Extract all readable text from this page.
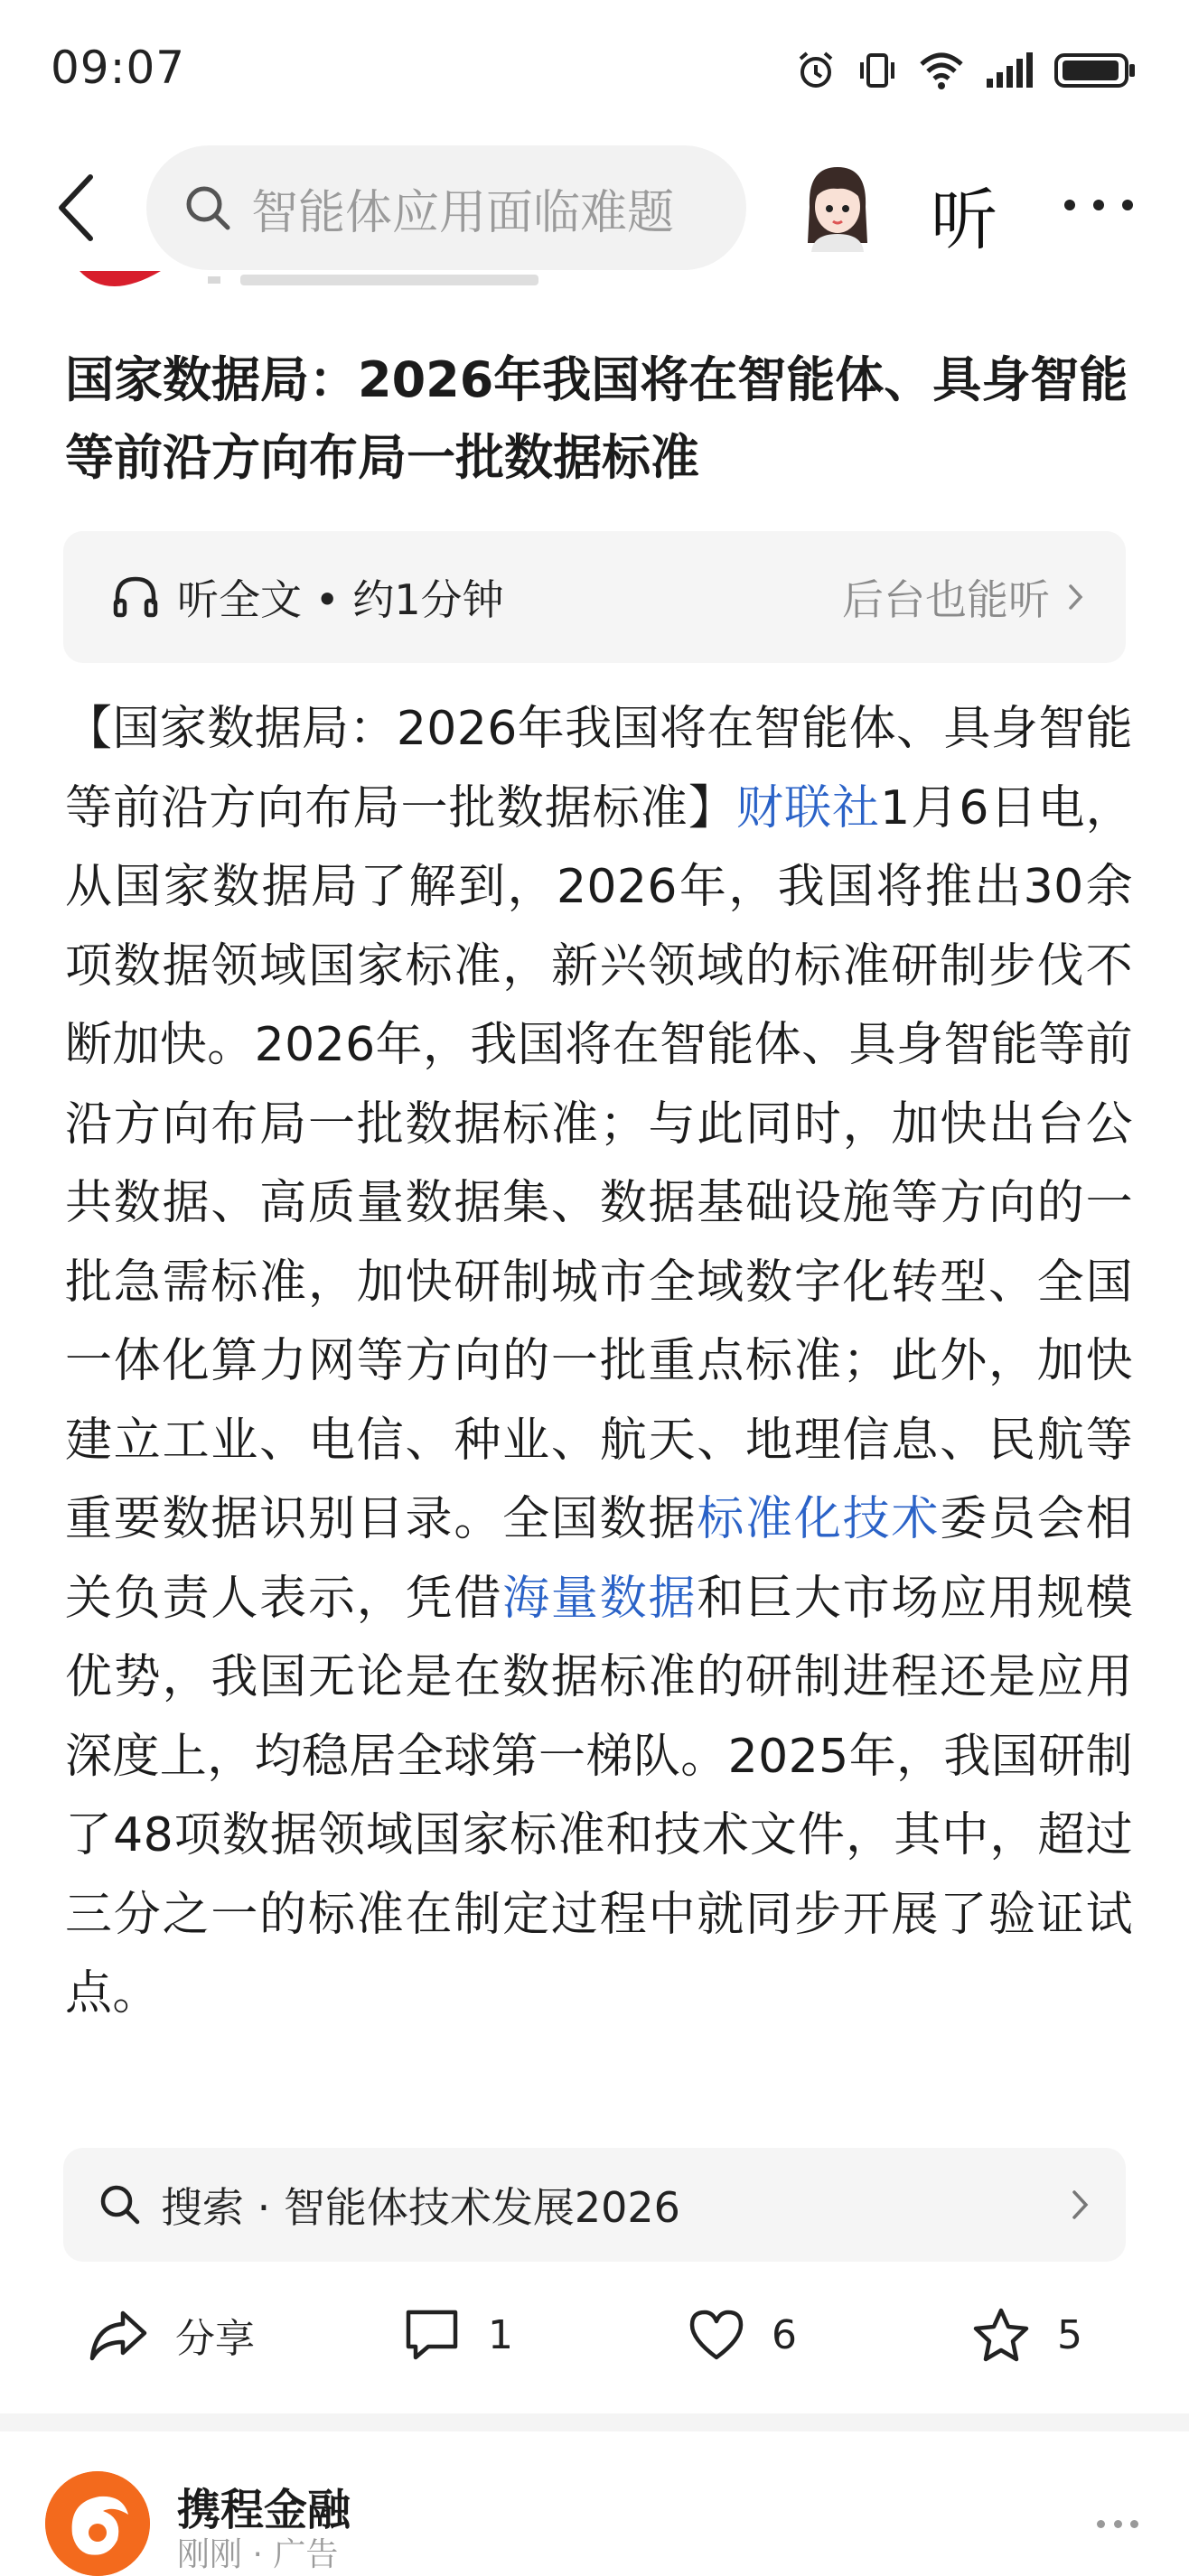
09:07
智能体应用面临难题	听
国家数据局：2026年我国将在智能体、具身智能等前沿方向布局一批数据标准
听全文 • 约1分钟	后台也能听
【国家数据局：2026年我国将在智能体、具身智能等前沿方向布局一批数据标准】财联社1月6日电，从国家数据局了解到，2026年，我国将推出30余项数据领域国家标准，新兴领域的标准研制步伐不断加快。2026年，我国将在智能体、具身智能等前沿方向布局一批数据标准；与此同时，加快出台公共数据、高质量数据集、数据基础设施等方向的一批急需标准，加快研制城市全域数字化转型、全国一体化算力网等方向的一批重点标准；此外，加快建立工业、电信、种业、航天、地理信息、民航等重要数据识别目录。全国数据标准化技术委员会相关负责人表示，凭借海量数据和巨大市场应用规模优势，我国无论是在数据标准的研制进程还是应用深度上，均稳居全球第一梯队。2025年，我国研制了48项数据领域国家标准和技术文件，其中，超过三分之一的标准在制定过程中就同步开展了验证试点。
搜索 · 智能体技术发展2026
分享	1	6	5
携程金融
刚刚 · 广告
